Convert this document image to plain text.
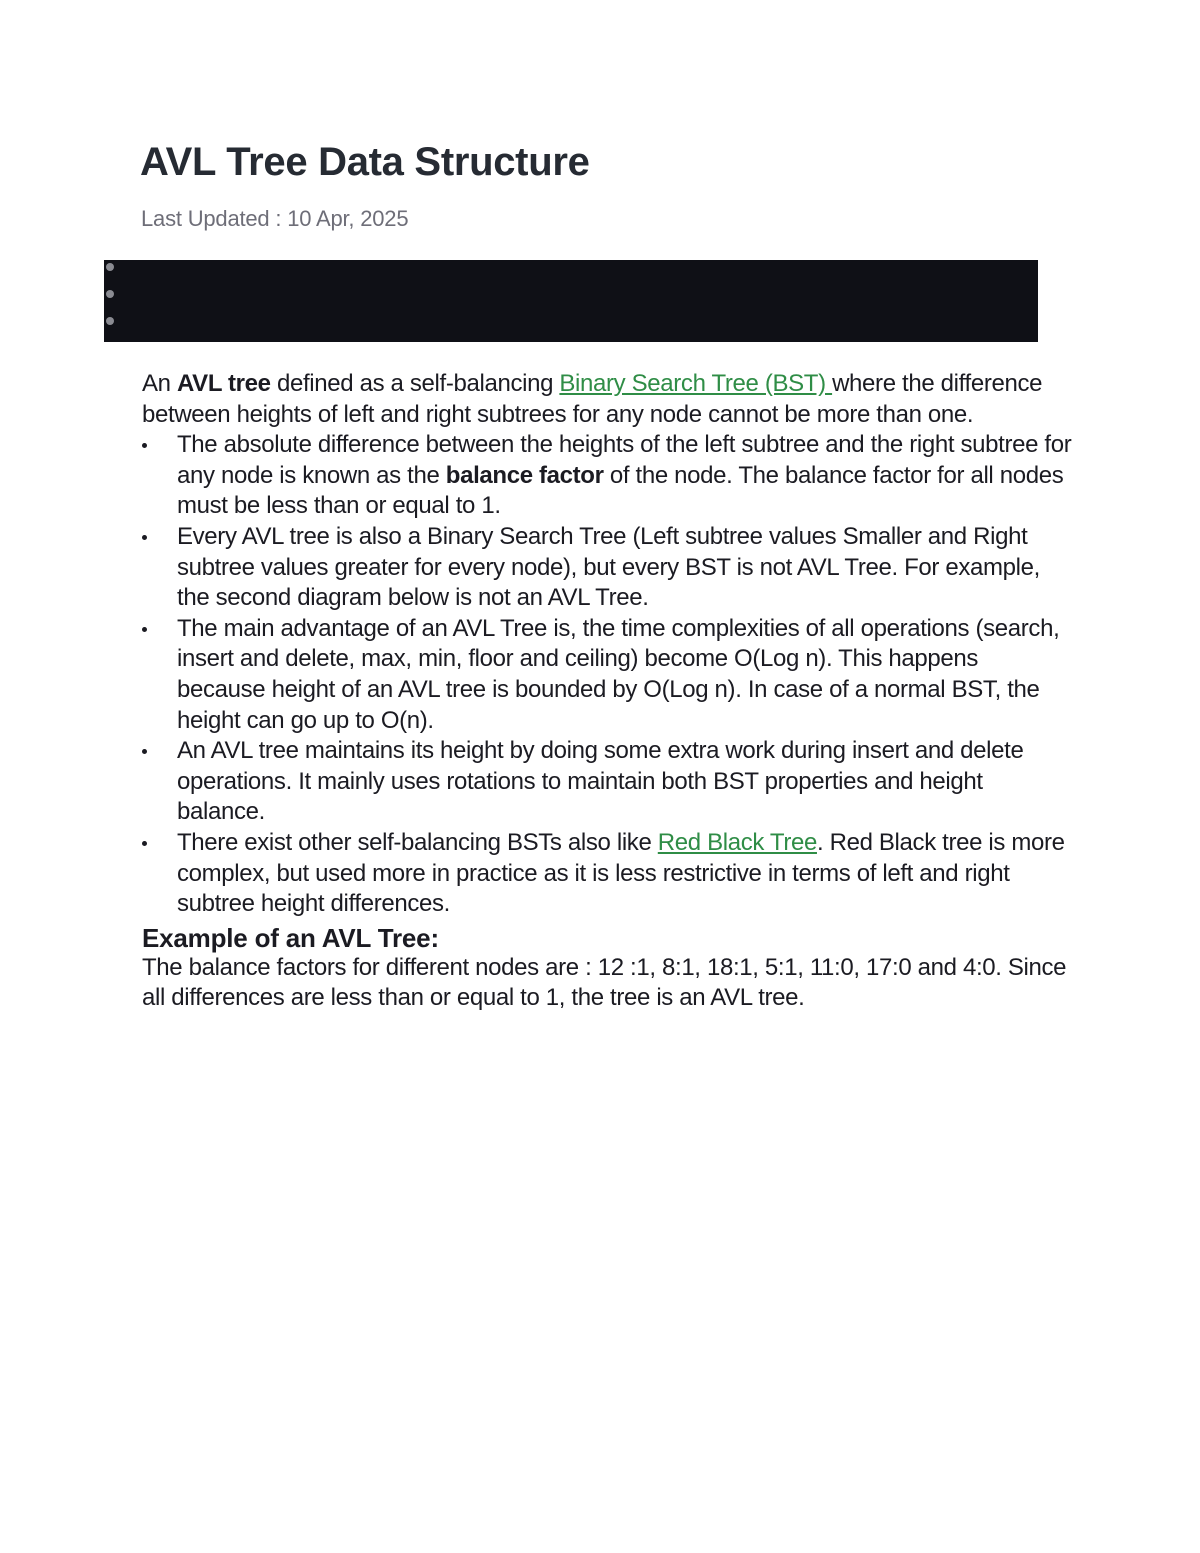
AVL Tree Data Structure
Last Updated : 10 Apr, 2025

An AVL tree defined as a self-balancing Binary Search Tree (BST) where the difference between heights of left and right subtrees for any node cannot be more than one.

The absolute difference between the heights of the left subtree and the right subtree for any node is known as the balance factor of the node. The balance factor for all nodes must be less than or equal to 1.
Every AVL tree is also a Binary Search Tree (Left subtree values Smaller and Right subtree values greater for every node), but every BST is not AVL Tree. For example, the second diagram below is not an AVL Tree.
The main advantage of an AVL Tree is, the time complexities of all operations (search, insert and delete, max, min, floor and ceiling) become O(Log n). This happens because height of an AVL tree is bounded by O(Log n). In case of a normal BST, the height can go up to O(n).
An AVL tree maintains its height by doing some extra work during insert and delete operations. It mainly uses rotations to maintain both BST properties and height balance.
There exist other self-balancing BSTs also like Red Black Tree. Red Black tree is more complex, but used more in practice as it is less restrictive in terms of left and right subtree height differences.
Example of an AVL Tree:

The balance factors for different nodes are : 12 :1, 8:1, 18:1, 5:1, 11:0, 17:0 and 4:0. Since all differences are less than or equal to 1, the tree is an AVL tree.
